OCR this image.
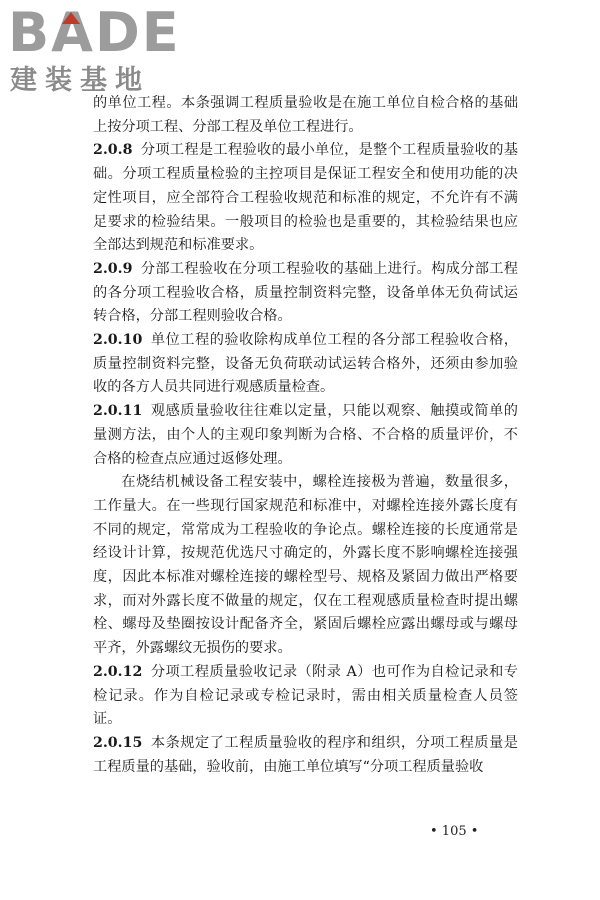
BADE
建装基地

的单位工程。本条强调工程质量验收是在施工单位自检合格的基础上按分项工程、分部工程及单位工程进行。

2.0.8 分项工程是工程验收的最小单位，是整个工程质量验收的基础。分项工程质量检验的主控项目是保证工程安全和使用功能的决定性项目，应全部符合工程验收规范和标准的规定，不允许有不满足要求的检验结果。一般项目的检验也是重要的，其检验结果也应全部达到规范和标准要求。

2.0.9 分部工程验收在分项工程验收的基础上进行。构成分部工程的各分项工程验收合格，质量控制资料完整，设备单体无负荷试运转合格，分部工程则验收合格。

2.0.10 单位工程的验收除构成单位工程的各分部工程验收合格，质量控制资料完整，设备无负荷联动试运转合格外，还须由参加验收的各方人员共同进行观感质量检查。

2.0.11 观感质量验收往往难以定量，只能以观察、触摸或简单的量测方法，由个人的主观印象判断为合格、不合格的质量评价，不合格的检查点应通过返修处理。

在烧结机械设备工程安装中，螺栓连接极为普遍，数量很多，工作量大。在一些现行国家规范和标准中，对螺栓连接外露长度有不同的规定，常常成为工程验收的争论点。螺栓连接的长度通常是经设计计算，按规范优选尺寸确定的，外露长度不影响螺栓连接强度，因此本标准对螺栓连接的螺栓型号、规格及紧固力做出严格要求，而对外露长度不做量的规定，仅在工程观感质量检查时提出螺栓、螺母及垫圈按设计配备齐全，紧固后螺栓应露出螺母或与螺母平齐，外露螺纹无损伤的要求。

2.0.12 分项工程质量验收记录（附录 A）也可作为自检记录和专检记录。作为自检记录或专检记录时，需由相关质量检查人员签证。

2.0.15 本条规定了工程质量验收的程序和组织，分项工程质量是工程质量的基础，验收前，由施工单位填写“分项工程质量验收

• 105 •
